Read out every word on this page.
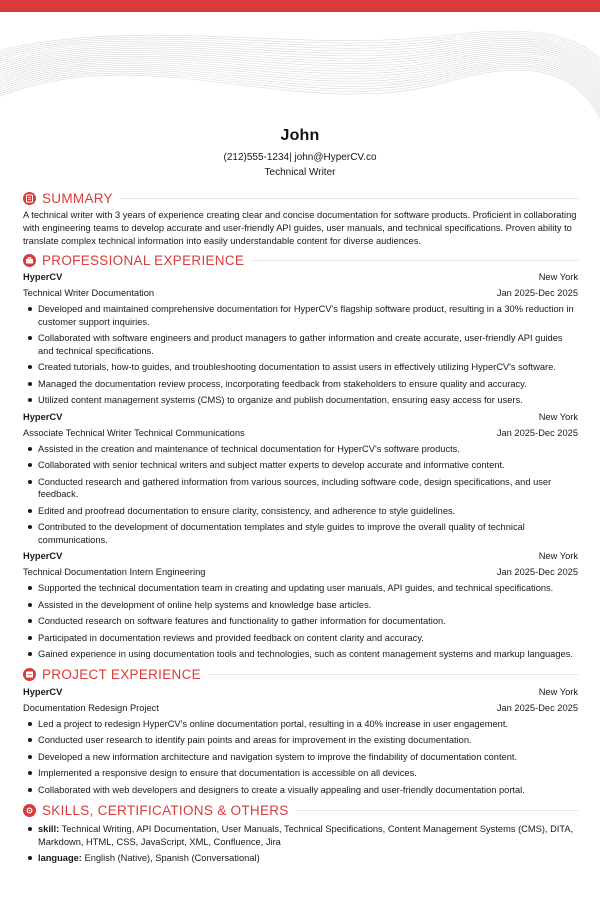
John
(212)555-1234| john@HyperCV.co
Technical Writer
SUMMARY
A technical writer with 3 years of experience creating clear and concise documentation for software products. Proficient in collaborating with engineering teams to develop accurate and user-friendly API guides, user manuals, and technical specifications. Proven ability to translate complex technical information into easily understandable content for diverse audiences.
PROFESSIONAL EXPERIENCE
HyperCV	New York
Technical Writer Documentation	Jan 2025-Dec 2025
Developed and maintained comprehensive documentation for HyperCV's flagship software product, resulting in a 30% reduction in customer support inquiries.
Collaborated with software engineers and product managers to gather information and create accurate, user-friendly API guides and technical specifications.
Created tutorials, how-to guides, and troubleshooting documentation to assist users in effectively utilizing HyperCV's software.
Managed the documentation review process, incorporating feedback from stakeholders to ensure quality and accuracy.
Utilized content management systems (CMS) to organize and publish documentation, ensuring easy access for users.
HyperCV	New York
Associate Technical Writer Technical Communications	Jan 2025-Dec 2025
Assisted in the creation and maintenance of technical documentation for HyperCV's software products.
Collaborated with senior technical writers and subject matter experts to develop accurate and informative content.
Conducted research and gathered information from various sources, including software code, design specifications, and user feedback.
Edited and proofread documentation to ensure clarity, consistency, and adherence to style guidelines.
Contributed to the development of documentation templates and style guides to improve the overall quality of technical communications.
HyperCV	New York
Technical Documentation Intern Engineering	Jan 2025-Dec 2025
Supported the technical documentation team in creating and updating user manuals, API guides, and technical specifications.
Assisted in the development of online help systems and knowledge base articles.
Conducted research on software features and functionality to gather information for documentation.
Participated in documentation reviews and provided feedback on content clarity and accuracy.
Gained experience in using documentation tools and technologies, such as content management systems and markup languages.
PROJECT EXPERIENCE
HyperCV	New York
Documentation Redesign Project	Jan 2025-Dec 2025
Led a project to redesign HyperCV's online documentation portal, resulting in a 40% increase in user engagement.
Conducted user research to identify pain points and areas for improvement in the existing documentation.
Developed a new information architecture and navigation system to improve the findability of documentation content.
Implemented a responsive design to ensure that documentation is accessible on all devices.
Collaborated with web developers and designers to create a visually appealing and user-friendly documentation portal.
SKILLS, CERTIFICATIONS & OTHERS
skill: Technical Writing, API Documentation, User Manuals, Technical Specifications, Content Management Systems (CMS), DITA, Markdown, HTML, CSS, JavaScript, XML, Confluence, Jira
language: English (Native), Spanish (Conversational)
